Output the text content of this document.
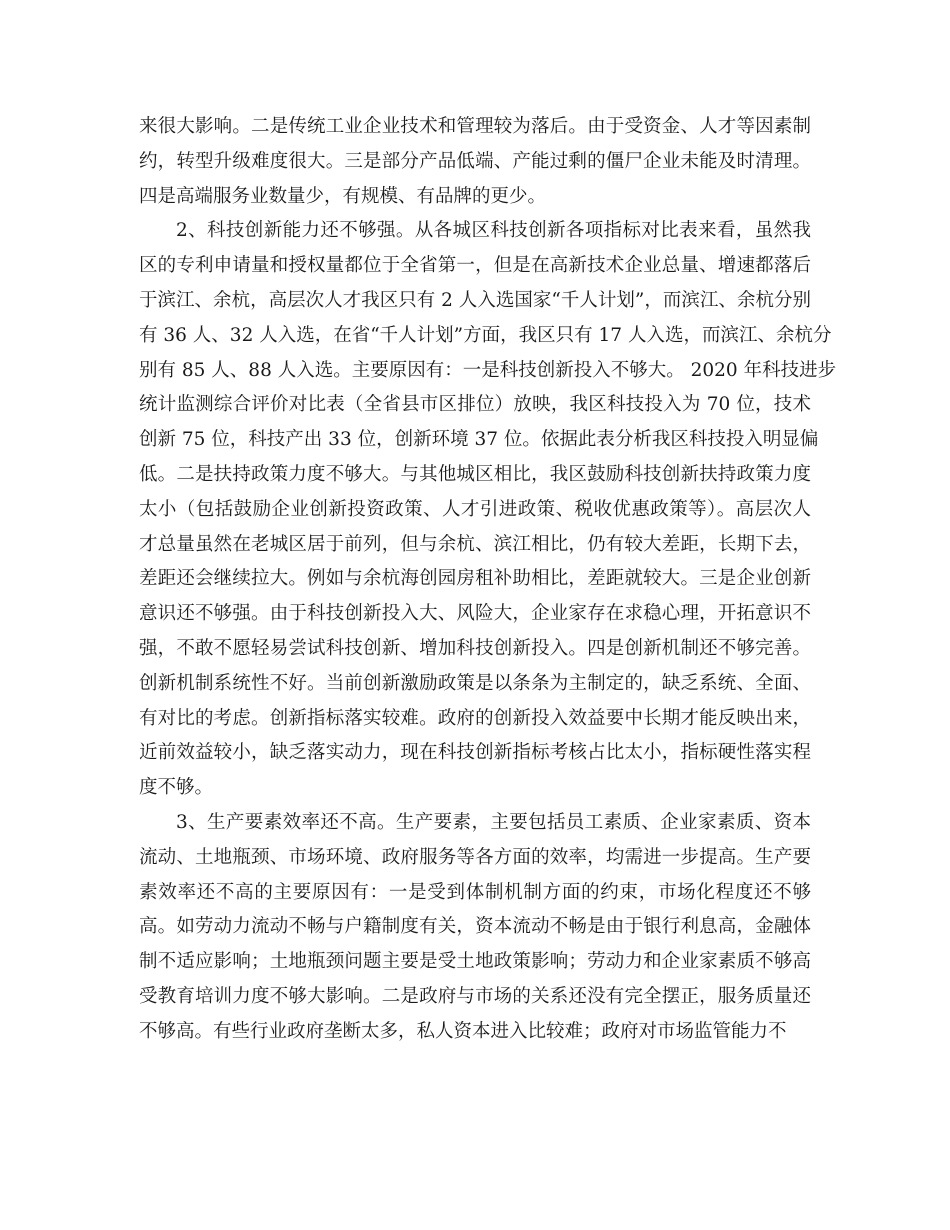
来很大影响。二是传统工业企业技术和管理较为落后。由于受资金、人才等因素制
约，转型升级难度很大。三是部分产品低端、产能过剩的僵尸企业未能及时清理。
四是高端服务业数量少，有规模、有品牌的更少。
2、科技创新能力还不够强。从各城区科技创新各项指标对比表来看，虽然我
区的专利申请量和授权量都位于全省第一，但是在高新技术企业总量、增速都落后
于滨江、余杭，高层次人才我区只有 2 人入选国家“千人计划”，而滨江、余杭分别
有 36 人、32 人入选，在省“千人计划”方面，我区只有 17 人入选，而滨江、余杭分
别有 85 人、88 人入选。主要原因有：一是科技创新投入不够大。 2020 年科技进步
统计监测综合评价对比表（全省县市区排位）放映，我区科技投入为 70 位，技术
创新 75 位，科技产出 33 位，创新环境 37 位。依据此表分析我区科技投入明显偏
低。二是扶持政策力度不够大。与其他城区相比，我区鼓励科技创新扶持政策力度
太小（包括鼓励企业创新投资政策、人才引进政策、税收优惠政策等）。高层次人
才总量虽然在老城区居于前列，但与余杭、滨江相比，仍有较大差距，长期下去，
差距还会继续拉大。例如与余杭海创园房租补助相比，差距就较大。三是企业创新
意识还不够强。由于科技创新投入大、风险大，企业家存在求稳心理，开拓意识不
强，不敢不愿轻易尝试科技创新、增加科技创新投入。四是创新机制还不够完善。
创新机制系统性不好。当前创新激励政策是以条条为主制定的，缺乏系统、全面、
有对比的考虑。创新指标落实较难。政府的创新投入效益要中长期才能反映出来，
近前效益较小，缺乏落实动力，现在科技创新指标考核占比太小，指标硬性落实程
度不够。
3、生产要素效率还不高。生产要素，主要包括员工素质、企业家素质、资本
流动、土地瓶颈、市场环境、政府服务等各方面的效率，均需进一步提高。生产要
素效率还不高的主要原因有：一是受到体制机制方面的约束，市场化程度还不够
高。如劳动力流动不畅与户籍制度有关，资本流动不畅是由于银行利息高，金融体
制不适应影响；土地瓶颈问题主要是受土地政策影响；劳动力和企业家素质不够高
受教育培训力度不够大影响。二是政府与市场的关系还没有完全摆正，服务质量还
不够高。有些行业政府垄断太多，私人资本进入比较难；政府对市场监管能力不
